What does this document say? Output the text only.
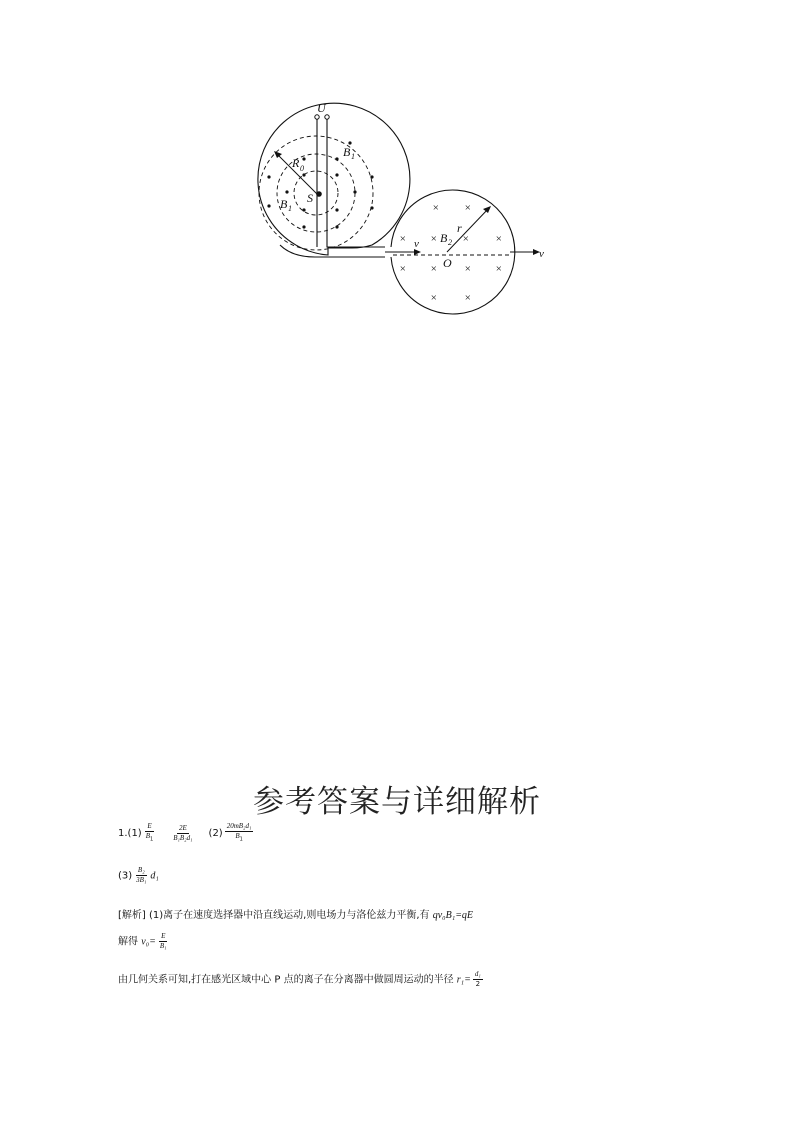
× ×
× × × ×
× × × ×
× ×
U
B 1
R 0
S
B 1
B 2
r
O
v
v
参考答案与详细解析
$1.(1) \frac{E}{B_1} \frac{2E}{\text{B₁B₂d₁}} (2) \frac{\text{20mB₂d₁}}{B_1}$
$(3) \frac{\text{B₂}}{\text{3B₁}} d_1$
[解析] (1)离子在速度选择器中沿直线运动,则电场力与洛伦兹力平衡,有 qv₀B₁=qE
解得 $v_0= \frac{E}{\text{B₁}}$
由几何关系可知,打在感光区域中心 P 点的离子在分离器中做圆周运动的半径 $r_1= \frac{\text{d₁}}{2}$
